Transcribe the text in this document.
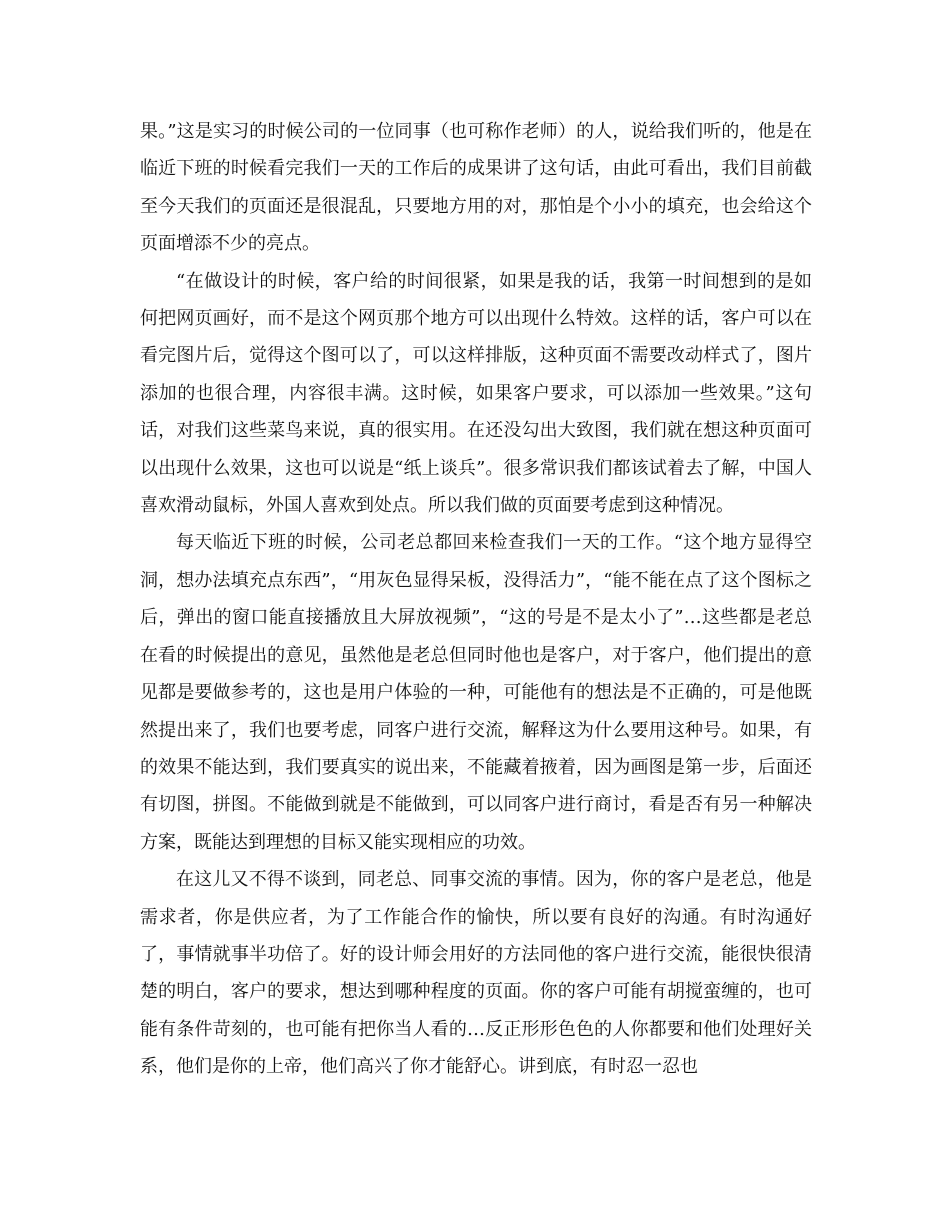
果。”这是实习的时候公司的一位同事（也可称作老师）的人，说给我们听的，他是在临近下班的时候看完我们一天的工作后的成果讲了这句话，由此可看出，我们目前截至今天我们的页面还是很混乱，只要地方用的对，那怕是个小小的填充，也会给这个页面增添不少的亮点。

“在做设计的时候，客户给的时间很紧，如果是我的话，我第一时间想到的是如何把网页画好，而不是这个网页那个地方可以出现什么特效。这样的话，客户可以在看完图片后，觉得这个图可以了，可以这样排版，这种页面不需要改动样式了，图片添加的也很合理，内容很丰满。这时候，如果客户要求，可以添加一些效果。”这句话，对我们这些菜鸟来说，真的很实用。在还没勾出大致图，我们就在想这种页面可以出现什么效果，这也可以说是“纸上谈兵”。很多常识我们都该试着去了解，中国人喜欢滑动鼠标，外国人喜欢到处点。所以我们做的页面要考虑到这种情况。

每天临近下班的时候，公司老总都回来检查我们一天的工作。“这个地方显得空洞，想办法填充点东西”，“用灰色显得呆板，没得活力”，“能不能在点了这个图标之后，弹出的窗口能直接播放且大屏放视频”，“这的号是不是太小了”…这些都是老总在看的时候提出的意见，虽然他是老总但同时他也是客户，对于客户，他们提出的意见都是要做参考的，这也是用户体验的一种，可能他有的想法是不正确的，可是他既然提出来了，我们也要考虑，同客户进行交流，解释这为什么要用这种号。如果，有的效果不能达到，我们要真实的说出来，不能藏着掖着，因为画图是第一步，后面还有切图，拼图。不能做到就是不能做到，可以同客户进行商讨，看是否有另一种解决方案，既能达到理想的目标又能实现相应的功效。

在这儿又不得不谈到，同老总、同事交流的事情。因为，你的客户是老总，他是需求者，你是供应者，为了工作能合作的愉快，所以要有良好的沟通。有时沟通好了，事情就事半功倍了。好的设计师会用好的方法同他的客户进行交流，能很快很清楚的明白，客户的要求，想达到哪种程度的页面。你的客户可能有胡搅蛮缠的，也可能有条件苛刻的，也可能有把你当人看的…反正形形色色的人你都要和他们处理好关系，他们是你的上帝，他们高兴了你才能舒心。讲到底，有时忍一忍也
